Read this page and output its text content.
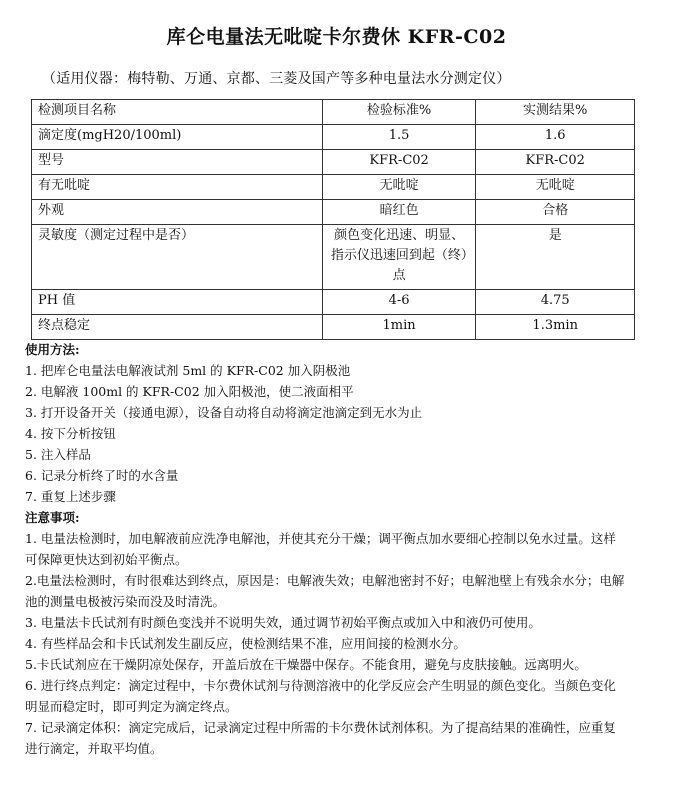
库仑电量法无吡啶卡尔费休 KFR-C02
（适用仪器：梅特勒、万通、京都、三菱及国产等多种电量法水分测定仪）
检测项目名称	检验标准%	实测结果%
滴定度(mgH20/100ml)	1.5	1.6
型号	KFR-C02	KFR-C02
有无吡啶	无吡啶	无吡啶
外观	暗红色	合格
灵敏度（测定过程中是否）	颜色变化迅速、明显、指示仪迅速回到起（终）点	是
PH 值	4-6	4.75
终点稳定	1min	1.3min
使用方法:
1. 把库仑电量法电解液试剂 5ml 的 KFR-C02 加入阴极池
2. 电解液 100ml 的 KFR-C02 加入阳极池，使二液面相平
3. 打开设备开关（接通电源），设备自动将自动将滴定池滴定到无水为止
4. 按下分析按钮
5. 注入样品
6. 记录分析终了时的水含量
7. 重复上述步骤
注意事项:

1. 电量法检测时，加电解液前应洗净电解池，并使其充分干燥；调平衡点加水要细心控制以免水过量。这样可保障更快达到初始平衡点。

2.电量法检测时，有时很难达到终点，原因是：电解液失效；电解池密封不好；电解池壁上有残余水分；电解池的测量电极被污染而没及时清洗。

3. 电量法卡氏试剂有时颜色变浅并不说明失效，通过调节初始平衡点或加入中和液仍可使用。

4. 有些样品会和卡氏试剂发生副反应，使检测结果不准，应用间接的检测水分。

5.卡氏试剂应在干燥阴凉处保存，开盖后放在干燥器中保存。不能食用，避免与皮肤接触。远离明火。

6. 进行终点判定：滴定过程中，卡尔费休试剂与待测溶液中的化学反应会产生明显的颜色变化。当颜色变化明显而稳定时，即可判定为滴定终点。

7. 记录滴定体积：滴定完成后，记录滴定过程中所需的卡尔费休试剂体积。为了提高结果的准确性，应重复进行滴定，并取平均值。
